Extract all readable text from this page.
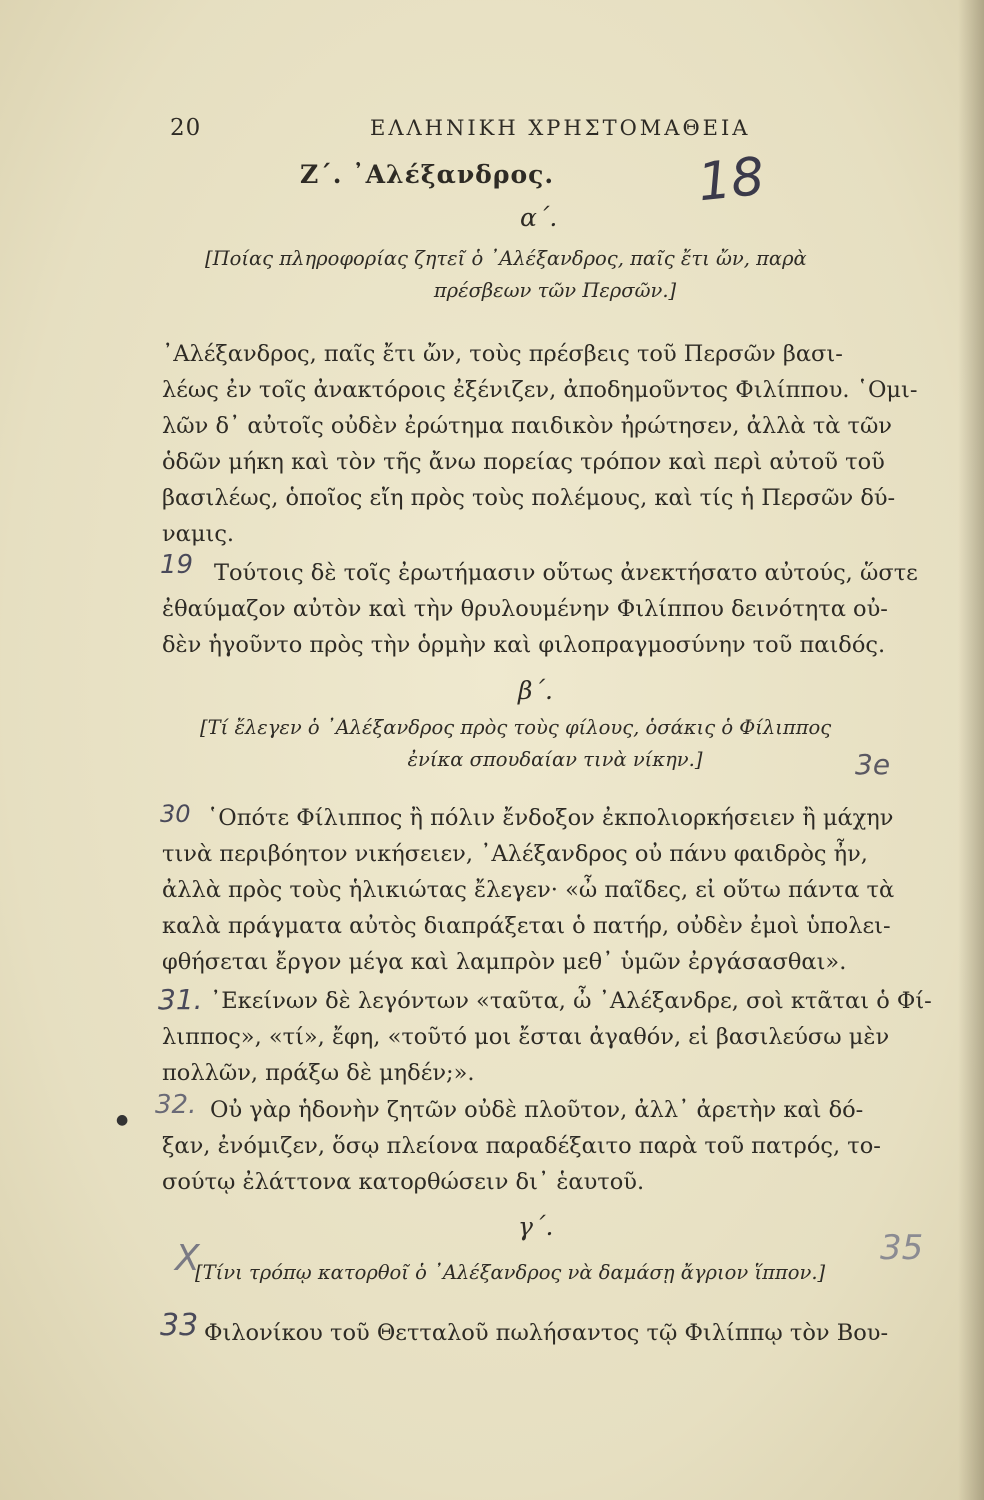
20	ΕΛΛΗΝΙΚΗ ΧΡΗΣΤΟΜΑΘΕΙΑ
Ζ΄. ᾿Αλέξανδρος.	18
α΄.
[Ποίας πληροφορίας ζητεῖ ὁ ᾿Αλέξανδρος, παῖς ἔτι ὤν, παρὰ
πρέσβεων τῶν Περσῶν.]
᾿Αλέξανδρος, παῖς ἔτι ὤν, τοὺς πρέσβεις τοῦ Περσῶν βασι-
λέως ἐν τοῖς ἀνακτόροις ἐξένιζεν, ἀποδημοῦντος Φιλίππου. ῾Ομι-
λῶν δ᾿ αὐτοῖς οὐδὲν ἐρώτημα παιδικὸν ἠρώτησεν, ἀλλὰ τὰ τῶν
ὁδῶν μήκη καὶ τὸν τῆς ἄνω πορείας τρόπον καὶ περὶ αὐτοῦ τοῦ
βασιλέως, ὁποῖος εἴη πρὸς τοὺς πολέμους, καὶ τίς ἡ Περσῶν δύ-
ναμις.
19 Τούτοις δὲ τοῖς ἐρωτήμασιν οὕτως ἀνεκτήσατο αὐτούς, ὥστε
ἐθαύμαζον αὐτὸν καὶ τὴν θρυλουμένην Φιλίππου δεινότητα οὐ-
δὲν ἡγοῦντο πρὸς τὴν ὁρμὴν καὶ φιλοπραγμοσύνην τοῦ παιδός.
β΄.
[Τί ἔλεγεν ὁ ᾿Αλέξανδρος πρὸς τοὺς φίλους, ὁσάκις ὁ Φίλιππος
ἐνίκα σπουδαίαν τινὰ νίκην.]	3e
30 ῾Οπότε Φίλιππος ἢ πόλιν ἔνδοξον ἐκπολιορκήσειεν ἢ μάχην
τινὰ περιβόητον νικήσειεν, ᾿Αλέξανδρος οὐ πάνυ φαιδρὸς ἦν,
ἀλλὰ πρὸς τοὺς ἡλικιώτας ἔλεγεν· «ὦ παῖδες, εἰ οὕτω πάντα τὰ
καλὰ πράγματα αὐτὸς διαπράξεται ὁ πατήρ, οὐδὲν ἐμοὶ ὑπολει-
φθήσεται ἔργον μέγα καὶ λαμπρὸν μεθ᾿ ὑμῶν ἐργάσασθαι».
31. ᾿Εκείνων δὲ λεγόντων «ταῦτα, ὦ ᾿Αλέξανδρε, σοὶ κτᾶται ὁ Φί-
λιππος», «τί», ἔφη, «τοῦτό μοι ἔσται ἀγαθόν, εἰ βασιλεύσω μὲν
πολλῶν, πράξω δὲ μηδέν;».
● 32. Οὐ γὰρ ἡδονὴν ζητῶν οὐδὲ πλοῦτον, ἀλλ᾿ ἀρετὴν καὶ δό-
ξαν, ἐνόμιζεν, ὅσῳ πλείονα παραδέξαιτο παρὰ τοῦ πατρός, το-
σούτῳ ἐλάττονα κατορθώσειν δι᾿ ἑαυτοῦ.
γ΄.
X	35
[Τίνι τρόπῳ κατορθοῖ ὁ ᾿Αλέξανδρος νὰ δαμάσῃ ἄγριον ἵππον.]
33 Φιλονίκου τοῦ Θετταλοῦ πωλήσαντος τῷ Φιλίππῳ τὸν Βου-
